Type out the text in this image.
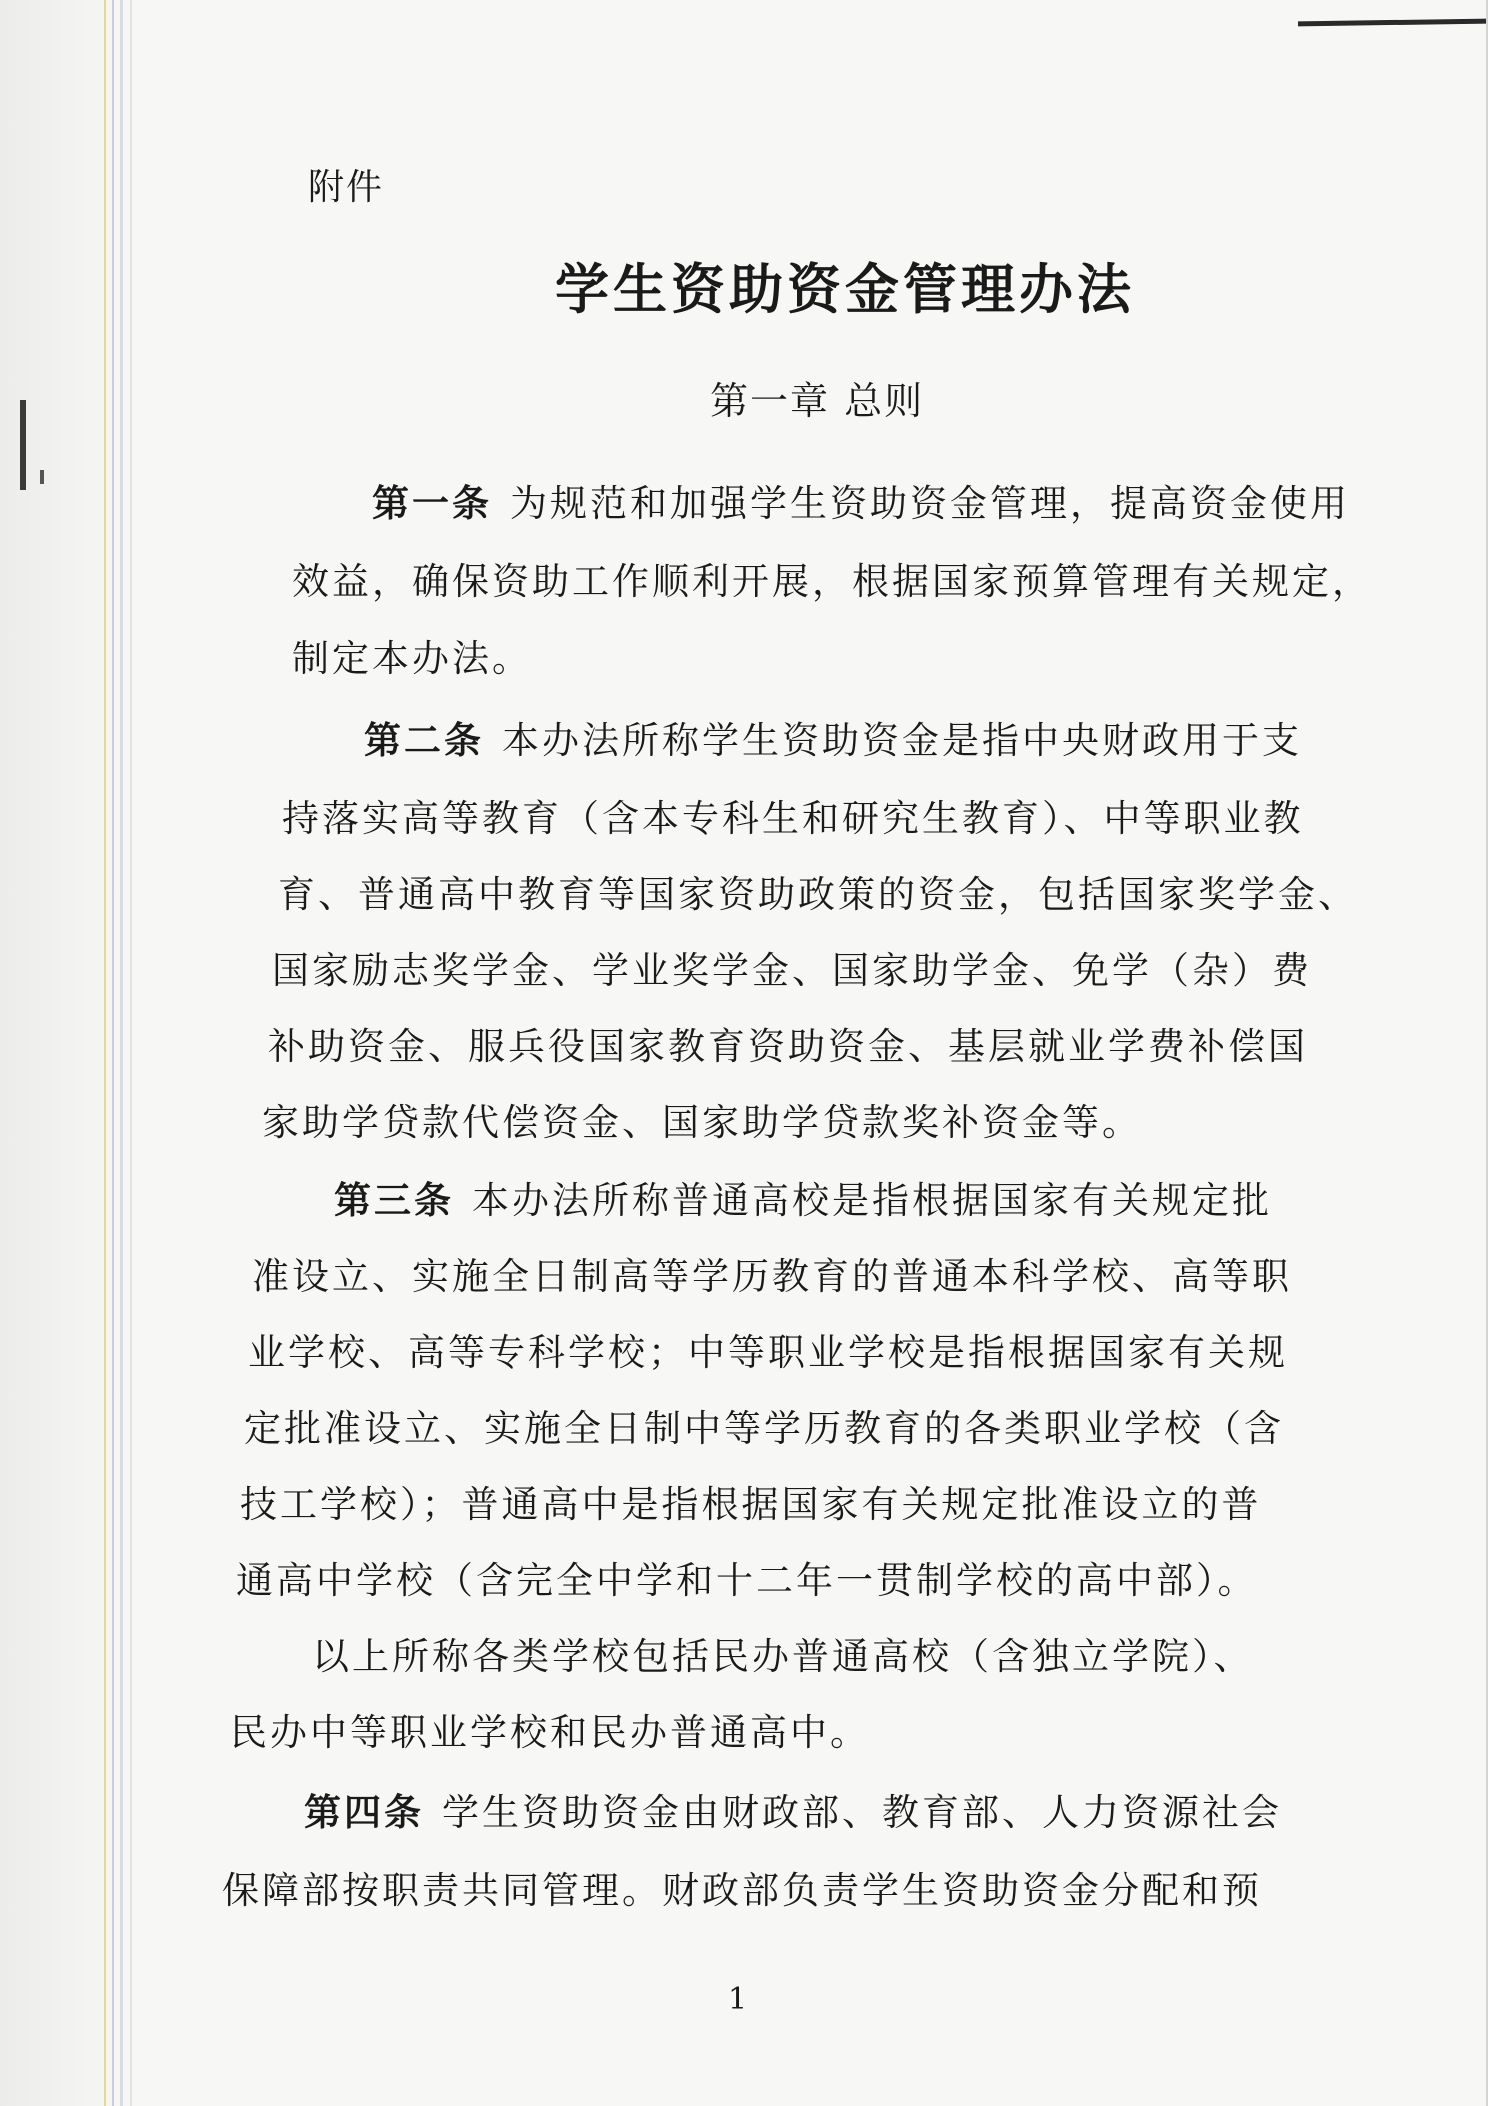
附件
学生资助资金管理办法
第一章 总则
第一条 为规范和加强学生资助资金管理，提高资金使用
效益，确保资助工作顺利开展，根据国家预算管理有关规定，
制定本办法。
第二条 本办法所称学生资助资金是指中央财政用于支
持落实高等教育（含本专科生和研究生教育）、中等职业教
育、普通高中教育等国家资助政策的资金，包括国家奖学金、
国家励志奖学金、学业奖学金、国家助学金、免学（杂）费
补助资金、服兵役国家教育资助资金、基层就业学费补偿国
家助学贷款代偿资金、国家助学贷款奖补资金等。
第三条 本办法所称普通高校是指根据国家有关规定批
准设立、实施全日制高等学历教育的普通本科学校、高等职
业学校、高等专科学校；中等职业学校是指根据国家有关规
定批准设立、实施全日制中等学历教育的各类职业学校（含
技工学校）；普通高中是指根据国家有关规定批准设立的普
通高中学校（含完全中学和十二年一贯制学校的高中部）。
以上所称各类学校包括民办普通高校（含独立学院）、
民办中等职业学校和民办普通高中。
第四条 学生资助资金由财政部、教育部、人力资源社会
保障部按职责共同管理。财政部负责学生资助资金分配和预
1
